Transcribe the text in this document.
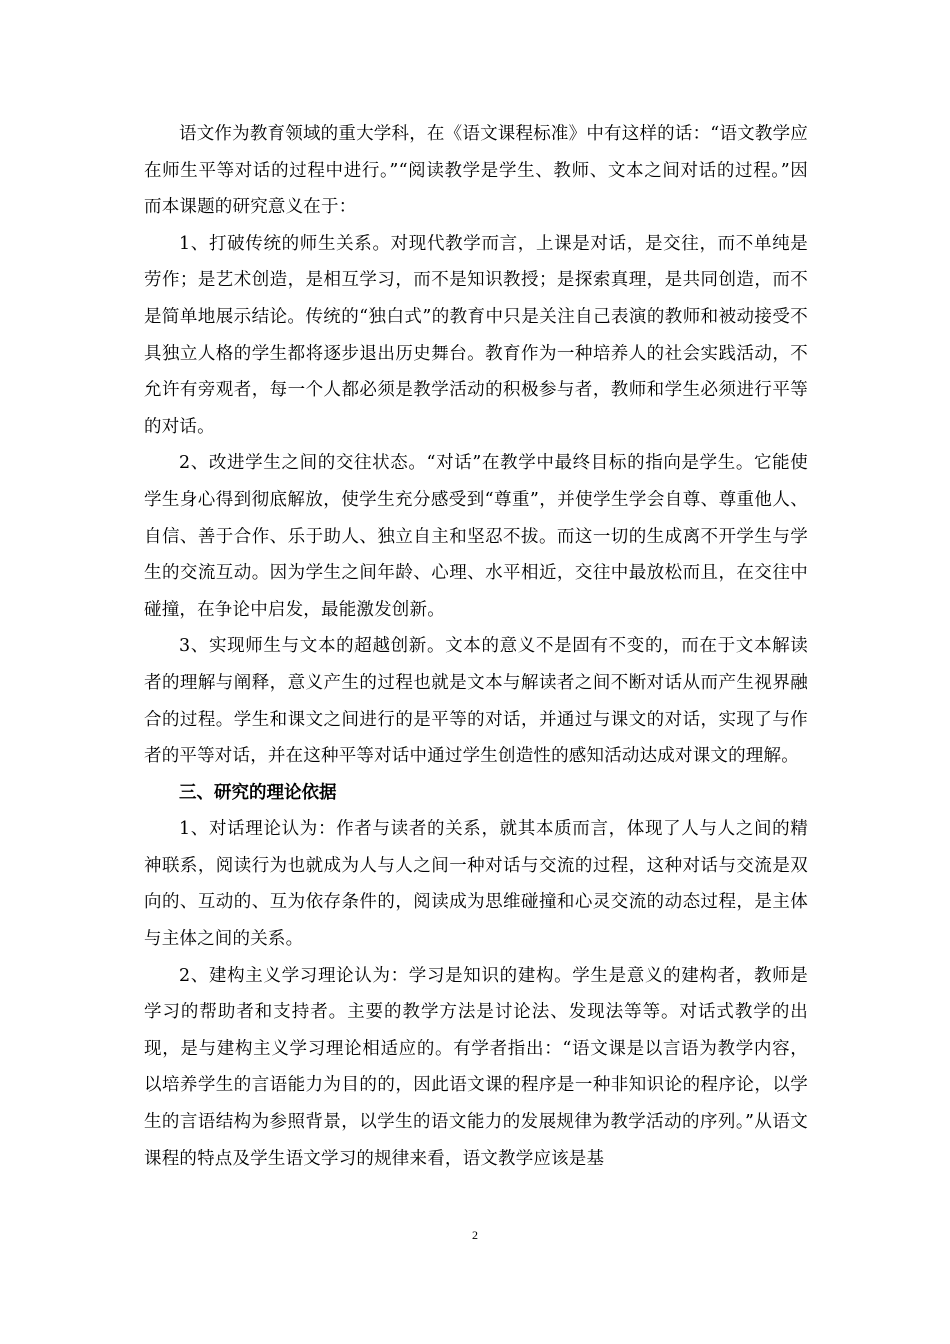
语文作为教育领域的重大学科，在《语文课程标准》中有这样的话：“语文教学应在师生平等对话的过程中进行。”“阅读教学是学生、教师、文本之间对话的过程。”因而本课题的研究意义在于：

1、打破传统的师生关系。对现代教学而言，上课是对话，是交往，而不单纯是劳作；是艺术创造，是相互学习，而不是知识教授；是探索真理，是共同创造，而不是简单地展示结论。传统的“独白式”的教育中只是关注自己表演的教师和被动接受不具独立人格的学生都将逐步退出历史舞台。教育作为一种培养人的社会实践活动，不允许有旁观者，每一个人都必须是教学活动的积极参与者，教师和学生必须进行平等的对话。

2、改进学生之间的交往状态。“对话”在教学中最终目标的指向是学生。它能使学生身心得到彻底解放，使学生充分感受到“尊重”，并使学生学会自尊、尊重他人、自信、善于合作、乐于助人、独立自主和坚忍不拔。而这一切的生成离不开学生与学生的交流互动。因为学生之间年龄、心理、水平相近，交往中最放松而且，在交往中碰撞，在争论中启发，最能激发创新。

3、实现师生与文本的超越创新。文本的意义不是固有不变的，而在于文本解读者的理解与阐释，意义产生的过程也就是文本与解读者之间不断对话从而产生视界融合的过程。学生和课文之间进行的是平等的对话，并通过与课文的对话，实现了与作者的平等对话，并在这种平等对话中通过学生创造性的感知活动达成对课文的理解。

三、研究的理论依据

1、对话理论认为：作者与读者的关系，就其本质而言，体现了人与人之间的精神联系，阅读行为也就成为人与人之间一种对话与交流的过程，这种对话与交流是双向的、互动的、互为依存条件的，阅读成为思维碰撞和心灵交流的动态过程，是主体与主体之间的关系。

2、建构主义学习理论认为：学习是知识的建构。学生是意义的建构者，教师是学习的帮助者和支持者。主要的教学方法是讨论法、发现法等等。对话式教学的出现，是与建构主义学习理论相适应的。有学者指出：“语文课是以言语为教学内容，以培养学生的言语能力为目的的，因此语文课的程序是一种非知识论的程序论，以学生的言语结构为参照背景，以学生的语文能力的发展规律为教学活动的序列。”从语文课程的特点及学生语文学习的规律来看，语文教学应该是基

2
